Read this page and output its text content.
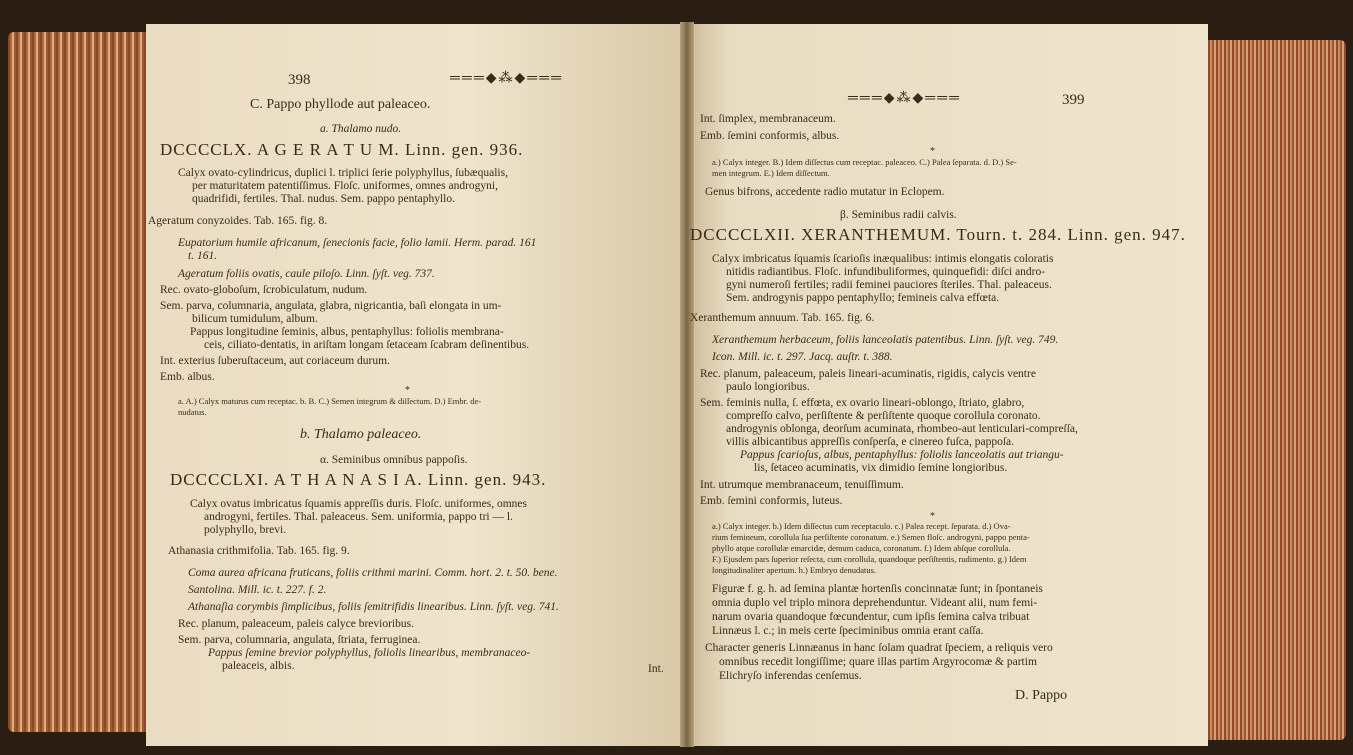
398	═══◆⁂◆═══
399
═══◆⁂◆═══
C. Pappo phyllode aut paleaceo.
a. Thalamo nudo.
DCCCCLX. A G E R A T U M. Linn. gen. 936.
Calyx ovato-cylindricus, duplici l. triplici ſerie polyphyllus, ſubæqualis,
per maturitatem patentiſſimus. Floſc. uniformes, omnes androgyni,
quadrifidi, fertiles. Thal. nudus. Sem. pappo pentaphyllo.
Ageratum conyzoides. Tab. 165. fig. 8.
Eupatorium humile africanum, ſenecionis facie, folio lamii. Herm. parad. 161
t. 161.
Ageratum foliis ovatis, caule piloſo. Linn. ſyſt. veg. 737.
Rec. ovato-globoſum, ſcrobiculatum, nudum.
Sem. parva, columnaria, angulata, glabra, nigricantia, baſi elongata in um-
bilicum tumidulum, album.
Pappus longitudine ſeminis, albus, pentaphyllus: foliolis membrana-
ceis, ciliato-dentatis, in ariſtam longam ſetaceam ſcabram deſinentibus.
Int. exterius ſuberuſtaceum, aut coriaceum durum.
Emb. albus.
*
a. A.) Calyx maturus cum receptac. b. B. C.) Semen integrum & diſſectum. D.) Embr. de-
nudatus.
b. Thalamo paleaceo.
α. Seminibus omnibus pappoſis.
DCCCCLXI. A T H A N A S I A. Linn. gen. 943.
Calyx ovatus imbricatus ſquamis appreſſis duris. Floſc. uniformes, omnes
androgyni, fertiles. Thal. paleaceus. Sem. uniformia, pappo tri — l.
polyphyllo, brevi.
Athanasia crithmifolia. Tab. 165. fig. 9.
Coma aurea africana fruticans, foliis crithmi marini. Comm. hort. 2. t. 50. bene.
Santolina. Mill. ic. t. 227. f. 2.
Athanaſia corymbis ſimplicibus, foliis ſemitrifidis linearibus. Linn. ſyſt. veg. 741.
Rec. planum, paleaceum, paleis calyce brevioribus.
Sem. parva, columnaria, angulata, ſtriata, ferruginea.
Pappus ſemine brevior polyphyllus, foliolis linearibus, membranaceo-
paleaceis, albis.	Int.
Int. ſimplex, membranaceum.
Emb. ſemini conformis, albus.
*
a.) Calyx integer. B.) Idem diſſectus cum receptac. paleaceo. C.) Palea ſeparata. d. D.) Se-
men integrum. E.) Idem diſſectum.
Genus bifrons, accedente radio mutatur in Eclopem.
β. Seminibus radii calvis.
DCCCCLXII. XERANTHEMUM. Tourn. t. 284. Linn. gen. 947.
Calyx imbricatus ſquamis ſcarioſis inæqualibus: intimis elongatis coloratis
nitidis radiantibus. Floſc. infundibuliformes, quinquefidi: diſci andro-
gyni numeroſi fertiles; radii feminei pauciores ſteriles. Thal. paleaceus.
Sem. androgynis pappo pentaphyllo; femineis calva effœta.
Xeranthemum annuum. Tab. 165. fig. 6.
Xeranthemum herbaceum, foliis lanceolatis patentibus. Linn. ſyſt. veg. 749.
Icon. Mill. ic. t. 297. Jacq. auſtr. t. 388.
Rec. planum, paleaceum, paleis lineari-acuminatis, rigidis, calycis ventre
paulo longioribus.
Sem. feminis nulla, ſ. effœta, ex ovario lineari-oblongo, ſtriato, glabro,
compreſſo calvo, perſiſtente & perſiſtente quoque corollula coronato.
androgynis oblonga, deorſum acuminata, rhombeo-aut lenticulari-compreſſa,
villis albicantibus appreſſis conſperſa, e cinereo fuſca, pappoſa.
Pappus ſcarioſus, albus, pentaphyllus: foliolis lanceolatis aut triangu-
lis, ſetaceo acuminatis, vix dimidio ſemine longioribus.
Int. utrumque membranaceum, tenuiſſimum.
Emb. ſemini conformis, luteus.
*
a.) Calyx integer. b.) Idem diſſectus cum receptaculo. c.) Palea recept. ſeparata. d.) Ova-
rium femineum, corollula ſua perſiſtente coronatum. e.) Semen floſc. androgyni, pappo penta-
phyllo atque corollulæ emarcidæ, demum caduca, coronatum. f.) Idem abſque corollula.
F.) Ejusdem pars ſuperior reſecta, cum corollula, quandoque perſiſtentis, rudimento. g.) Idem
longitudinaliter apertum. h.) Embryo denudatus.
Figuræ f. g. h. ad ſemina plantæ hortenſis concinnatæ ſunt; in ſpontaneis
omnia duplo vel triplo minora deprehenduntur. Videant alii, num femi-
narum ovaria quandoque fœcundentur, cum ipſis ſemina calva tribuat
Linnæus l. c.; in meis certe ſpeciminibus omnia erant caſſa.
Character generis Linnæanus in hanc ſolam quadrat ſpeciem, a reliquis vero
omnibus recedit longiſſime; quare illas partim Argyrocomæ & partim
Elichryſo inferendas cenſemus.
D. Pappo
